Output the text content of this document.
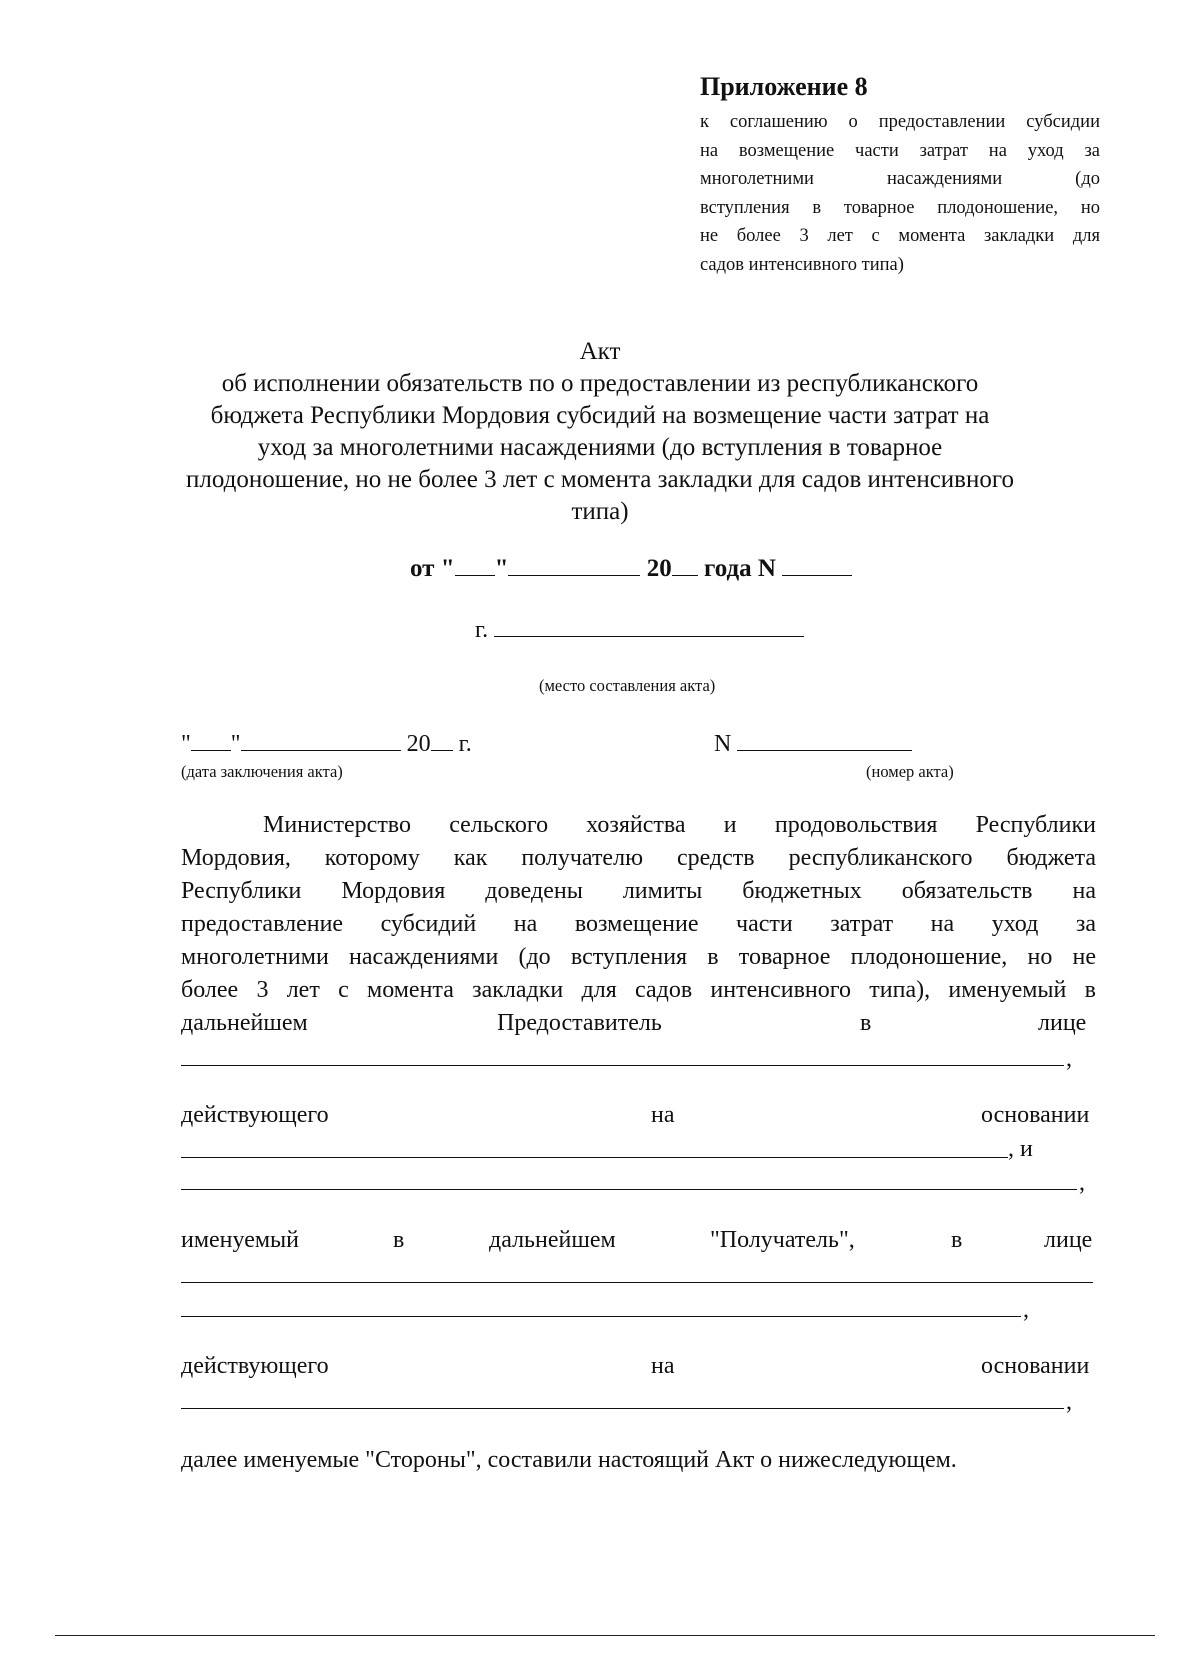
Приложение 8
к соглашению о предоставлении субсидии
на возмещение части затрат на уход за
многолетними насаждениями (до
вступления в товарное плодоношение, но
не более 3 лет с момента закладки для
садов интенсивного типа)
Акт
об исполнении обязательств по о предоставлении из республиканского
бюджета Республики Мордовия субсидий на возмещение части затрат на
уход за многолетними насаждениями (до вступления в товарное
плодоношение, но не более 3 лет с момента закладки для садов интенсивного
типа)
от " "	20 года N
г.
(место составления акта)
" "	20 г.
(дата заключения акта)
N
(номер акта)
Министерство сельского хозяйства и продовольствия Республики
Мордовия, которому как получателю средств республиканского бюджета
Республики Мордовия доведены лимиты бюджетных обязательств на
предоставление субсидий на возмещение части затрат на уход за
многолетними насаждениями (до вступления в товарное плодоношение, но не
более 3 лет с момента закладки для садов интенсивного типа), именуемый в
дальнейшем	Предоставитель	в	лице
,
действующего	на	основании
, и
,
именуемый	в	дальнейшем	"Получатель",	в	лице
,
действующего	на	основании
,
далее именуемые "Стороны", составили настоящий Акт о нижеследующем.
